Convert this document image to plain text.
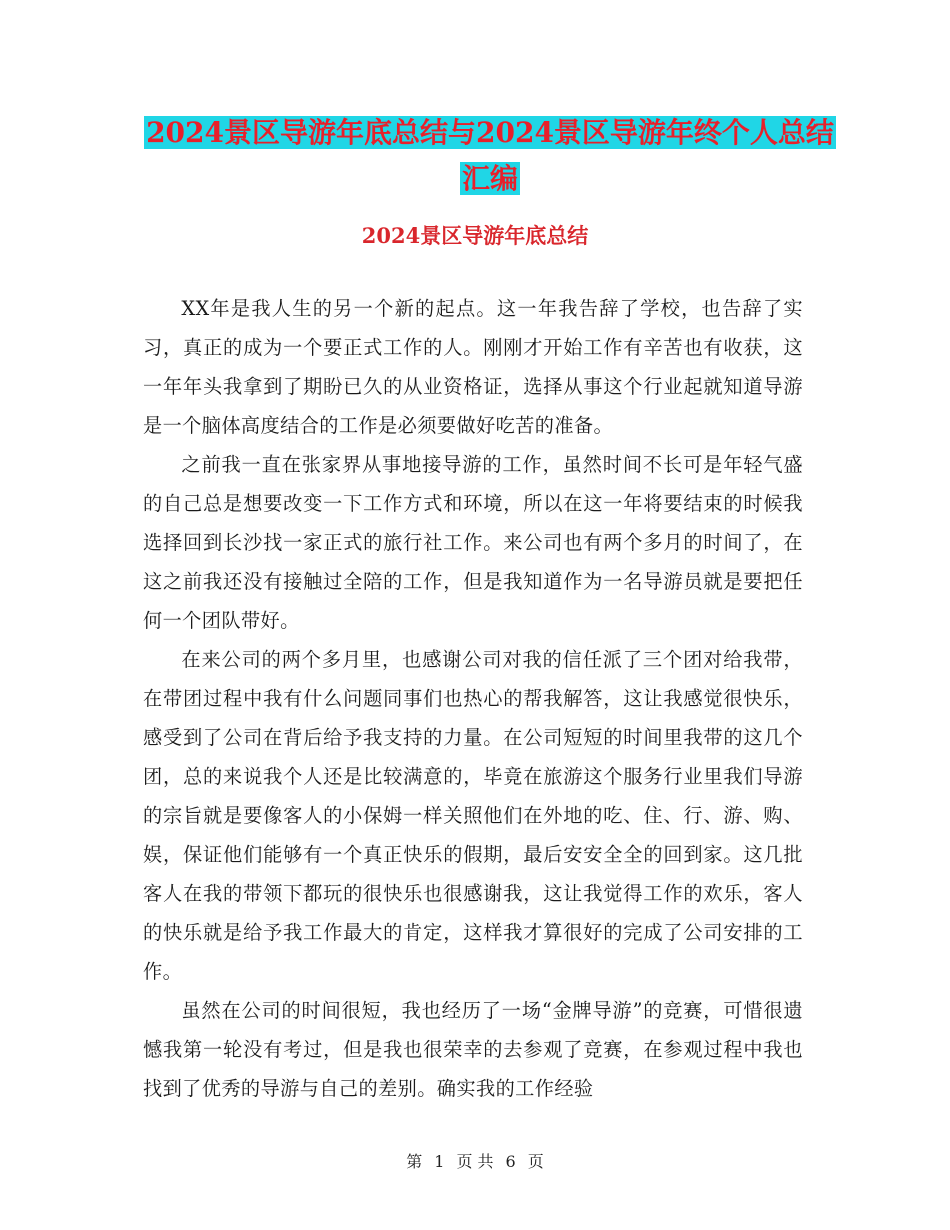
2024景区导游年底总结与2024景区导游年终个人总结
汇编
2024景区导游年底总结

XX年是我人生的另一个新的起点。这一年我告辞了学校，也告辞了实习，真正的成为一个要正式工作的人。刚刚才开始工作有辛苦也有收获，这一年年头我拿到了期盼已久的从业资格证，选择从事这个行业起就知道导游是一个脑体高度结合的工作是必须要做好吃苦的准备。

之前我一直在张家界从事地接导游的工作，虽然时间不长可是年轻气盛的自己总是想要改变一下工作方式和环境，所以在这一年将要结束的时候我选择回到长沙找一家正式的旅行社工作。来公司也有两个多月的时间了，在这之前我还没有接触过全陪的工作，但是我知道作为一名导游员就是要把任何一个团队带好。

在来公司的两个多月里，也感谢公司对我的信任派了三个团对给我带，在带团过程中我有什么问题同事们也热心的帮我解答，这让我感觉很快乐，感受到了公司在背后给予我支持的力量。在公司短短的时间里我带的这几个团，总的来说我个人还是比较满意的，毕竟在旅游这个服务行业里我们导游的宗旨就是要像客人的小保姆一样关照他们在外地的吃、住、行、游、购、娱，保证他们能够有一个真正快乐的假期，最后安安全全的回到家。这几批客人在我的带领下都玩的很快乐也很感谢我，这让我觉得工作的欢乐，客人的快乐就是给予我工作最大的肯定，这样我才算很好的完成了公司安排的工作。

虽然在公司的时间很短，我也经历了一场“金牌导游”的竞赛，可惜很遗憾我第一轮没有考过，但是我也很荣幸的去参观了竞赛，在参观过程中我也找到了优秀的导游与自己的差别。确实我的工作经验

第 1 页 共 6 页
